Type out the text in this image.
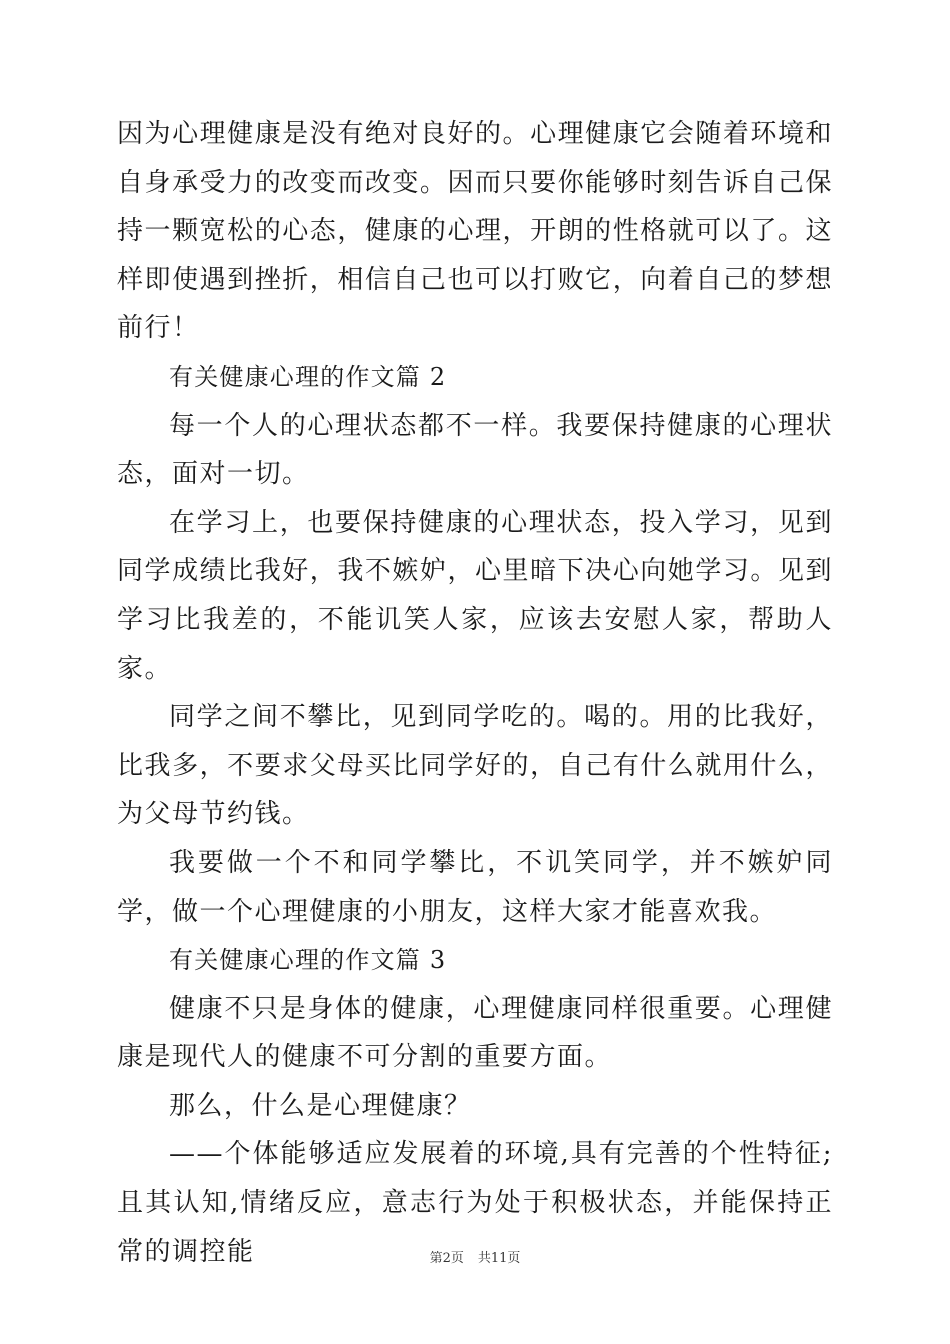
因为心理健康是没有绝对良好的。心理健康它会随着环境和自身承受力的改变而改变。因而只要你能够时刻告诉自己保持一颗宽松的心态，健康的心理，开朗的性格就可以了。这样即使遇到挫折，相信自己也可以打败它，向着自己的梦想前行！

有关健康心理的作文篇 2

每一个人的心理状态都不一样。我要保持健康的心理状态，面对一切。

在学习上，也要保持健康的心理状态，投入学习，见到同学成绩比我好，我不嫉妒，心里暗下决心向她学习。见到学习比我差的，不能讥笑人家，应该去安慰人家，帮助人家。

同学之间不攀比，见到同学吃的。喝的。用的比我好，比我多，不要求父母买比同学好的，自己有什么就用什么，为父母节约钱。

我要做一个不和同学攀比，不讥笑同学，并不嫉妒同学，做一个心理健康的小朋友，这样大家才能喜欢我。

有关健康心理的作文篇 3

健康不只是身体的健康，心理健康同样很重要。心理健康是现代人的健康不可分割的重要方面。

那么，什么是心理健康？

——个体能够适应发展着的环境,具有完善的个性特征;且其认知,情绪反应，意志行为处于积极状态，并能保持正常的调控能	第2页 共11页
